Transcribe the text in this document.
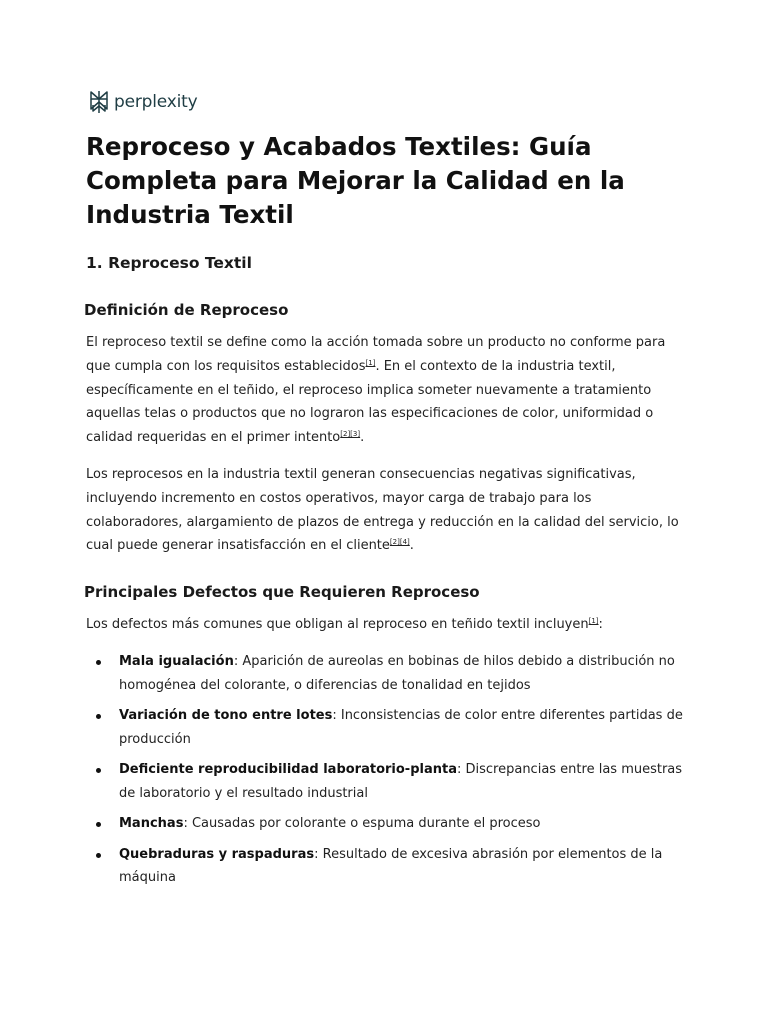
perplexity
Reproceso y Acabados Textiles: Guía Completa para Mejorar la Calidad en la Industria Textil
1. Reproceso Textil
Definición de Reproceso

El reproceso textil se define como la acción tomada sobre un producto no conforme para que cumpla con los requisitos establecidos[1]. En el contexto de la industria textil, específicamente en el teñido, el reproceso implica someter nuevamente a tratamiento aquellas telas o productos que no lograron las especificaciones de color, uniformidad o calidad requeridas en el primer intento[2][3].

Los reprocesos en la industria textil generan consecuencias negativas significativas, incluyendo incremento en costos operativos, mayor carga de trabajo para los colaboradores, alargamiento de plazos de entrega y reducción en la calidad del servicio, lo cual puede generar insatisfacción en el cliente[2][4].

Principales Defectos que Requieren Reproceso

Los defectos más comunes que obligan al reproceso en teñido textil incluyen[1]:

Mala igualación: Aparición de aureolas en bobinas de hilos debido a distribución no homogénea del colorante, o diferencias de tonalidad en tejidos
Variación de tono entre lotes: Inconsistencias de color entre diferentes partidas de producción
Deficiente reproducibilidad laboratorio-planta: Discrepancias entre las muestras de laboratorio y el resultado industrial
Manchas: Causadas por colorante o espuma durante el proceso
Quebraduras y raspaduras: Resultado de excesiva abrasión por elementos de la máquina
